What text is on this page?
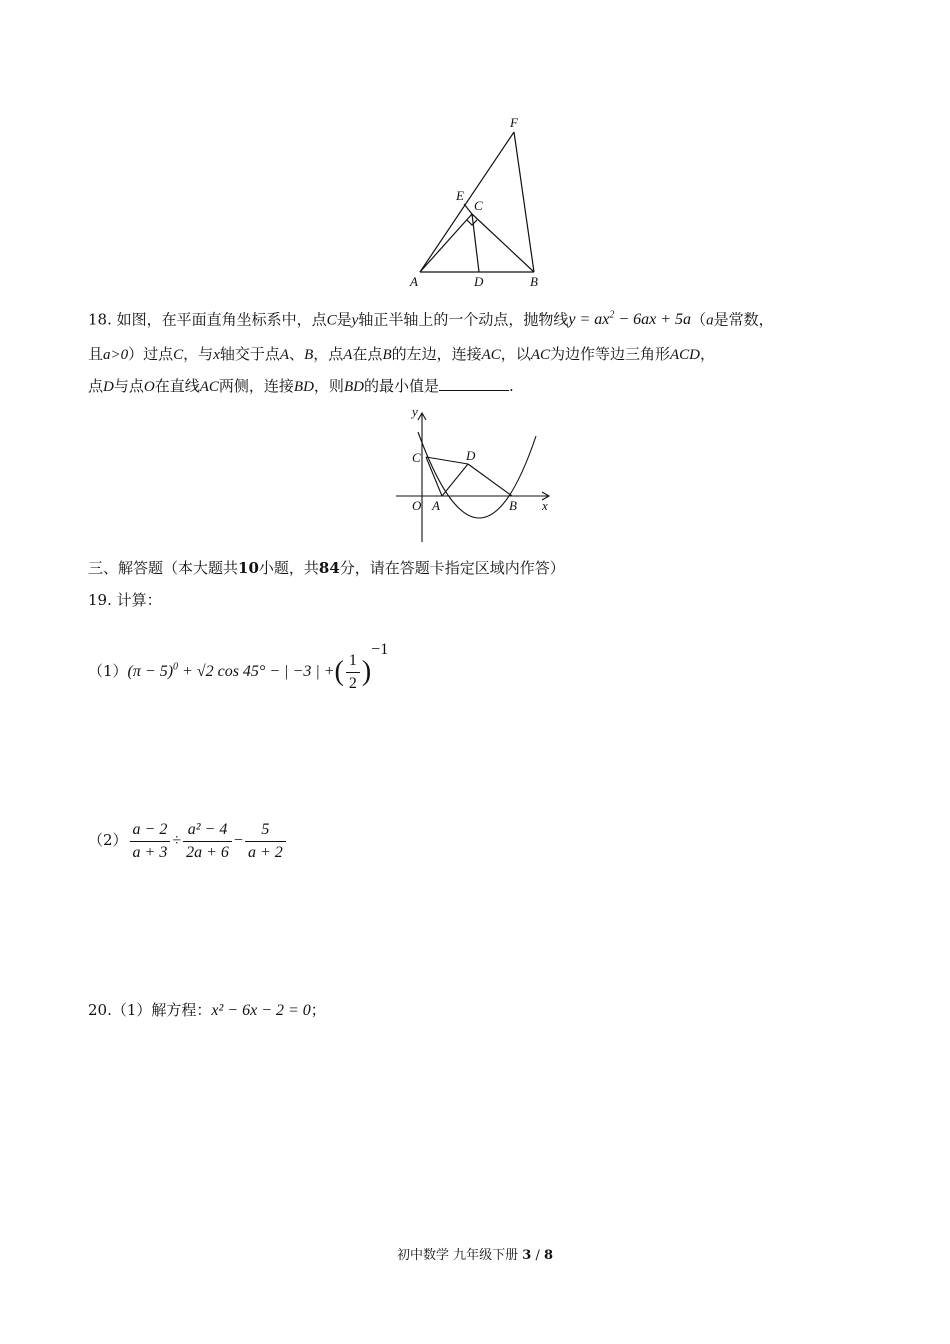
F
E
C
A	D	B
18. 如图，在平面直角坐标系中，点C是y轴正半轴上的一个动点，抛物线$y = ax^2 - 6ax + 5a(a$是常数，
且a>0）过点C，与x轴交于点A、B，点A在点B的左边，连接AC，以AC为边作等边三角形ACD，
点D与点O在直线AC两侧，连接BD，则BD的最小值是	.
y
C	D
O A	B x
三、解答题（本大题共10小题，共84分，请在答题卡指定区域内作答）
19. 计算：
$(1)(\pi - 5)^0 + √2$ cos 45° − | −3 | +( $\frac{1}{2} )^{-1}$
$(2) \frac{a - 2}{a + 3} \div \frac{\text{a² − 4}}{2a + 6} - \frac{5}{a + 2}$
20.（1）解方程：x² − 6x − 2 = 0；
初中数学 九年级下册 3 / 8
